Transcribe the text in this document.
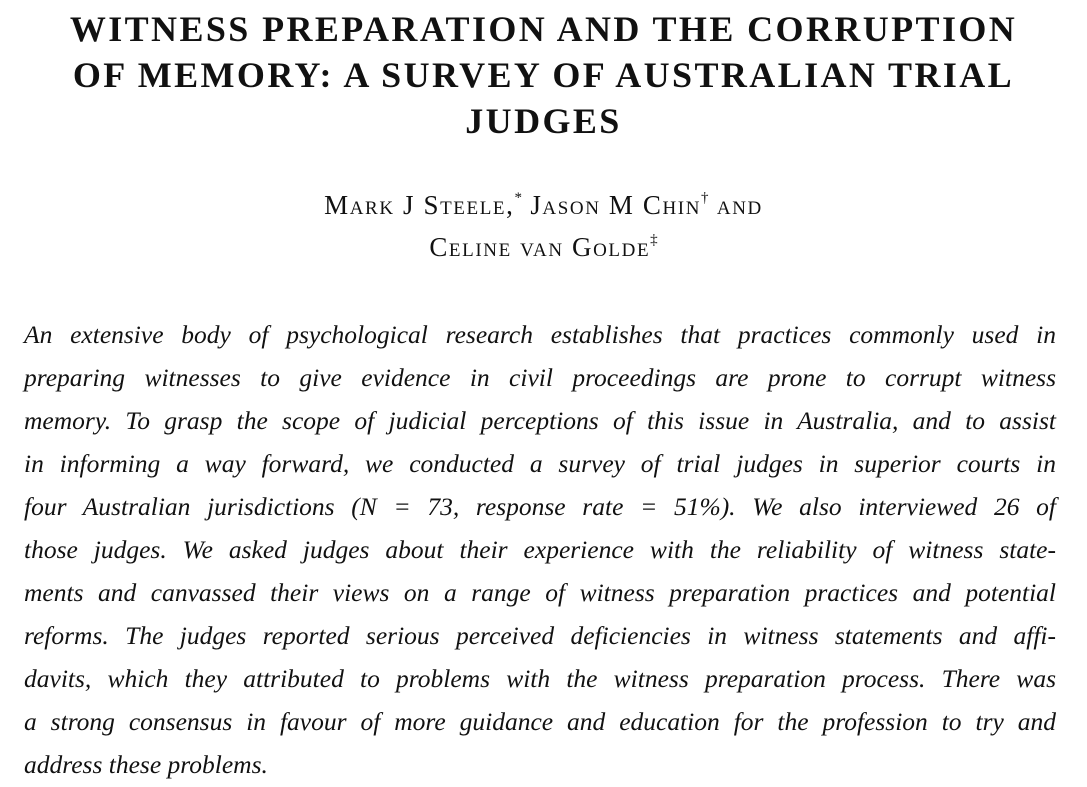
WITNESS PREPARATION AND THE CORRUPTION
OF MEMORY: A SURVEY OF AUSTRALIAN TRIAL
JUDGES
Mark J Steele,* Jason M Chin† and
Celine van Golde‡
An extensive body of psychological research establishes that practices commonly used in
preparing witnesses to give evidence in civil proceedings are prone to corrupt witness
memory. To grasp the scope of judicial perceptions of this issue in Australia, and to assist
in informing a way forward, we conducted a survey of trial judges in superior courts in
four Australian jurisdictions (N = 73, response rate = 51%). We also interviewed 26 of
those judges. We asked judges about their experience with the reliability of witness state-
ments and canvassed their views on a range of witness preparation practices and potential
reforms. The judges reported serious perceived deficiencies in witness statements and affi-
davits, which they attributed to problems with the witness preparation process. There was
a strong consensus in favour of more guidance and education for the profession to try and
address these problems.
